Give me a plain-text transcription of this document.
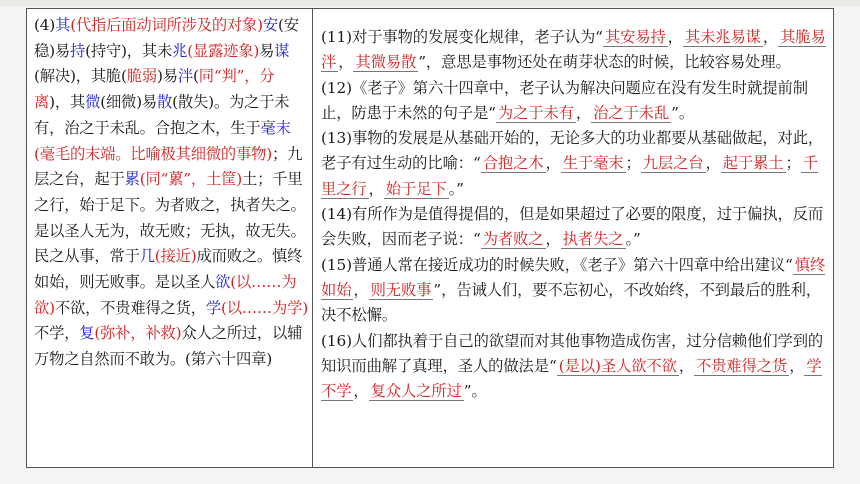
(4)其(代指后面动词所涉及的对象)安(安稳)易持(持守)，其未兆(显露迹象)易谋(解决)，其脆(脆弱)易泮(同“判”，分离)，其微(细微)易散(散失)。为之于未有，治之于未乱。合抱之木，生于毫末(毫毛的末端。比喻极其细微的事物)；九层之台，起于累(同“蔂”，土筐)土；千里之行，始于足下。为者败之，执者失之。是以圣人无为，故无败；无执，故无失。民之从事，常于几(接近)成而败之。慎终如始，则无败事。是以圣人欲(以……为欲)不欲，不贵难得之货，学(以……为学)不学，复(弥补，补救)众人之所过，以辅万物之自然而不敢为。(第六十四章)

(11)对于事物的发展变化规律，老子认为“ 其安易持 ， 其未兆易谋 ， 其脆易泮 ， 其微易散 ”，意思是事物还处在萌芽状态的时候，比较容易处理。

(12)《老子》第六十四章中，老子认为解决问题应在没有发生时就提前制止，防患于未然的句子是“ 为之于未有 ， 治之于未乱 ”。

(13)事物的发展是从基础开始的，无论多大的功业都要从基础做起，对此，老子有过生动的比喻：“ 合抱之木 ， 生于毫末 ； 九层之台 ， 起于累土 ； 千里之行 ， 始于足下 。”

(14)有所作为是值得提倡的，但是如果超过了必要的限度，过于偏执，反而会失败，因而老子说：“ 为者败之 ， 执者失之 。”

(15)普通人常在接近成功的时候失败，《老子》第六十四章中给出建议“ 慎终如始 ， 则无败事 ”，告诫人们，要不忘初心，不改始终，不到最后的胜利，决不松懈。

(16)人们都执着于自己的欲望而对其他事物造成伤害，过分信赖他们学到的知识而曲解了真理，圣人的做法是“ (是以)圣人欲不欲 ， 不贵难得之货 ， 学不学 ， 复众人之所过 ”。
